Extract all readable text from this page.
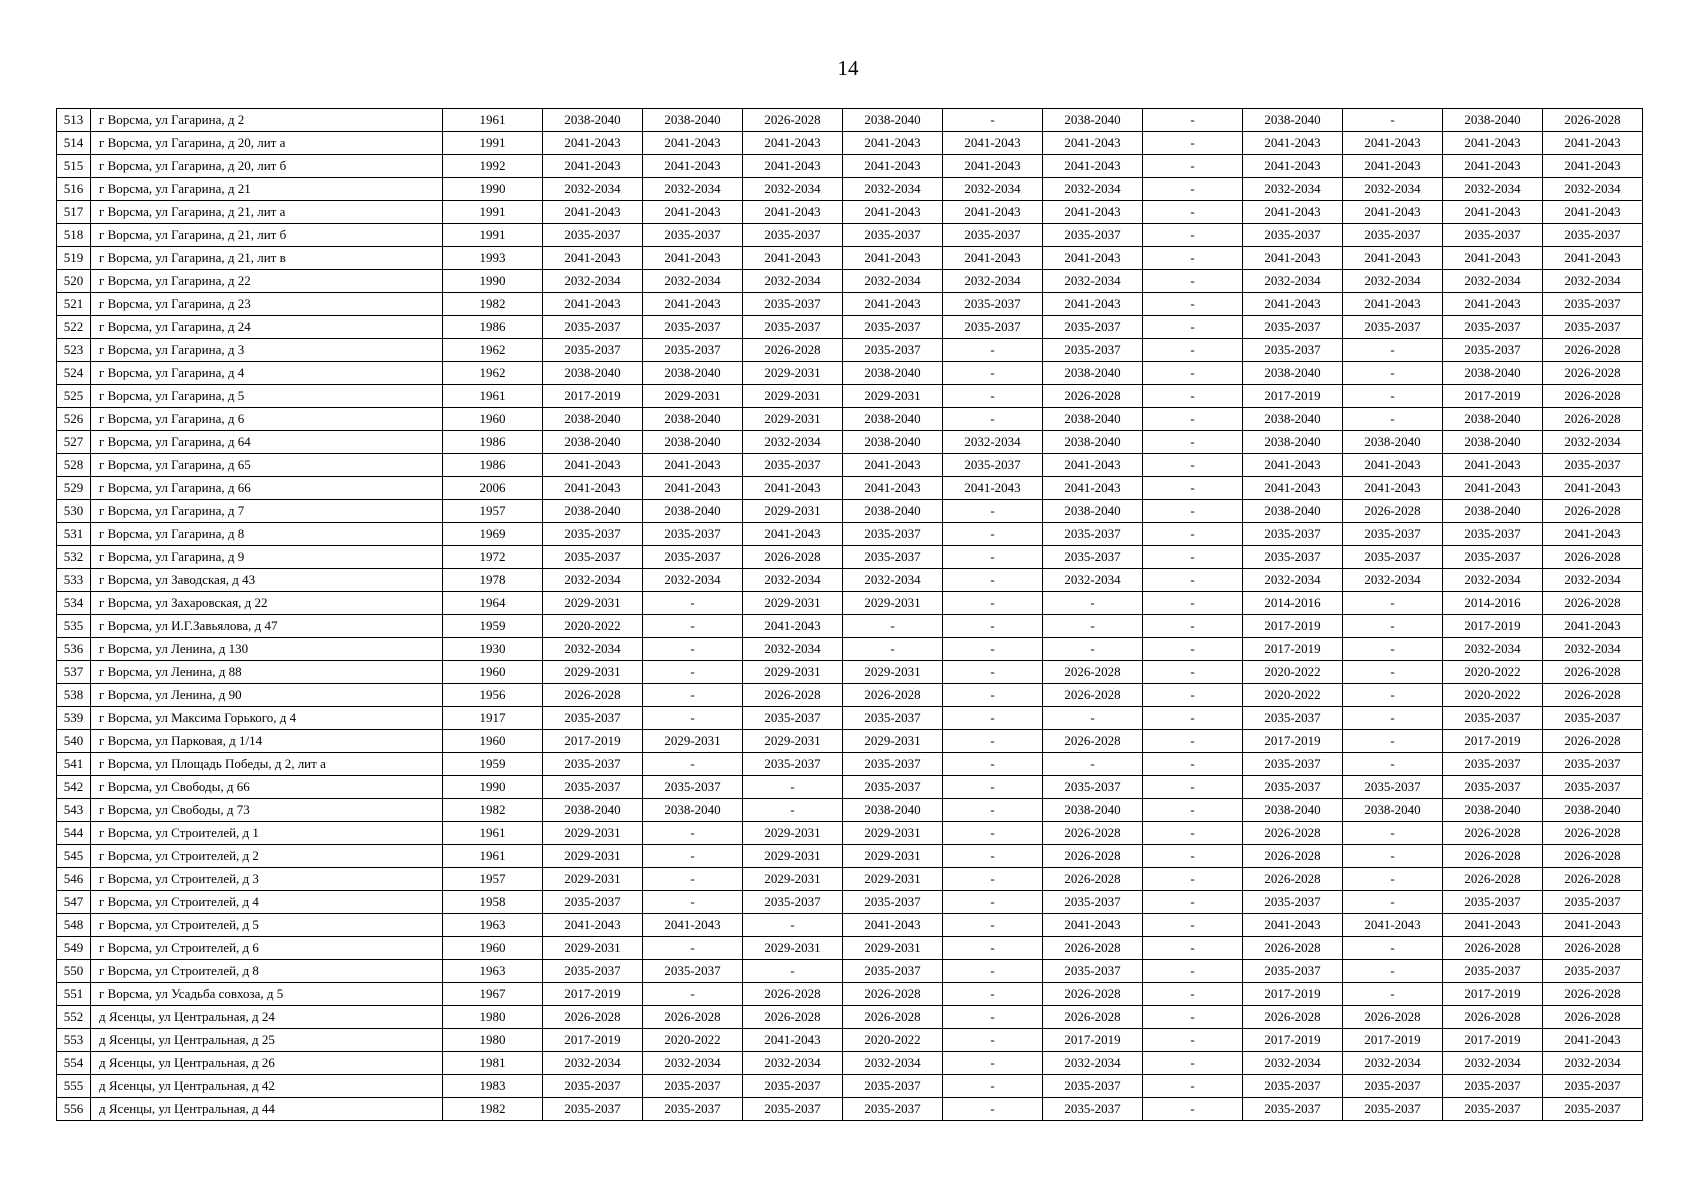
14
513	г Ворсма, ул Гагарина, д 2	1961	2038-2040	2038-2040	2026-2028	2038-2040	-	2038-2040	-	2038-2040	-	2038-2040	2026-2028
514	г Ворсма, ул Гагарина, д 20, лит а	1991	2041-2043	2041-2043	2041-2043	2041-2043	2041-2043	2041-2043	-	2041-2043	2041-2043	2041-2043	2041-2043
515	г Ворсма, ул Гагарина, д 20, лит б	1992	2041-2043	2041-2043	2041-2043	2041-2043	2041-2043	2041-2043	-	2041-2043	2041-2043	2041-2043	2041-2043
516	г Ворсма, ул Гагарина, д 21	1990	2032-2034	2032-2034	2032-2034	2032-2034	2032-2034	2032-2034	-	2032-2034	2032-2034	2032-2034	2032-2034
517	г Ворсма, ул Гагарина, д 21, лит а	1991	2041-2043	2041-2043	2041-2043	2041-2043	2041-2043	2041-2043	-	2041-2043	2041-2043	2041-2043	2041-2043
518	г Ворсма, ул Гагарина, д 21, лит б	1991	2035-2037	2035-2037	2035-2037	2035-2037	2035-2037	2035-2037	-	2035-2037	2035-2037	2035-2037	2035-2037
519	г Ворсма, ул Гагарина, д 21, лит в	1993	2041-2043	2041-2043	2041-2043	2041-2043	2041-2043	2041-2043	-	2041-2043	2041-2043	2041-2043	2041-2043
520	г Ворсма, ул Гагарина, д 22	1990	2032-2034	2032-2034	2032-2034	2032-2034	2032-2034	2032-2034	-	2032-2034	2032-2034	2032-2034	2032-2034
521	г Ворсма, ул Гагарина, д 23	1982	2041-2043	2041-2043	2035-2037	2041-2043	2035-2037	2041-2043	-	2041-2043	2041-2043	2041-2043	2035-2037
522	г Ворсма, ул Гагарина, д 24	1986	2035-2037	2035-2037	2035-2037	2035-2037	2035-2037	2035-2037	-	2035-2037	2035-2037	2035-2037	2035-2037
523	г Ворсма, ул Гагарина, д 3	1962	2035-2037	2035-2037	2026-2028	2035-2037	-	2035-2037	-	2035-2037	-	2035-2037	2026-2028
524	г Ворсма, ул Гагарина, д 4	1962	2038-2040	2038-2040	2029-2031	2038-2040	-	2038-2040	-	2038-2040	-	2038-2040	2026-2028
525	г Ворсма, ул Гагарина, д 5	1961	2017-2019	2029-2031	2029-2031	2029-2031	-	2026-2028	-	2017-2019	-	2017-2019	2026-2028
526	г Ворсма, ул Гагарина, д 6	1960	2038-2040	2038-2040	2029-2031	2038-2040	-	2038-2040	-	2038-2040	-	2038-2040	2026-2028
527	г Ворсма, ул Гагарина, д 64	1986	2038-2040	2038-2040	2032-2034	2038-2040	2032-2034	2038-2040	-	2038-2040	2038-2040	2038-2040	2032-2034
528	г Ворсма, ул Гагарина, д 65	1986	2041-2043	2041-2043	2035-2037	2041-2043	2035-2037	2041-2043	-	2041-2043	2041-2043	2041-2043	2035-2037
529	г Ворсма, ул Гагарина, д 66	2006	2041-2043	2041-2043	2041-2043	2041-2043	2041-2043	2041-2043	-	2041-2043	2041-2043	2041-2043	2041-2043
530	г Ворсма, ул Гагарина, д 7	1957	2038-2040	2038-2040	2029-2031	2038-2040	-	2038-2040	-	2038-2040	2026-2028	2038-2040	2026-2028
531	г Ворсма, ул Гагарина, д 8	1969	2035-2037	2035-2037	2041-2043	2035-2037	-	2035-2037	-	2035-2037	2035-2037	2035-2037	2041-2043
532	г Ворсма, ул Гагарина, д 9	1972	2035-2037	2035-2037	2026-2028	2035-2037	-	2035-2037	-	2035-2037	2035-2037	2035-2037	2026-2028
533	г Ворсма, ул Заводская, д 43	1978	2032-2034	2032-2034	2032-2034	2032-2034	-	2032-2034	-	2032-2034	2032-2034	2032-2034	2032-2034
534	г Ворсма, ул Захаровская, д 22	1964	2029-2031	-	2029-2031	2029-2031	-	-	-	2014-2016	-	2014-2016	2026-2028
535	г Ворсма, ул И.Г.Завьялова, д 47	1959	2020-2022	-	2041-2043	-	-	-	-	2017-2019	-	2017-2019	2041-2043
536	г Ворсма, ул Ленина, д 130	1930	2032-2034	-	2032-2034	-	-	-	-	2017-2019	-	2032-2034	2032-2034
537	г Ворсма, ул Ленина, д 88	1960	2029-2031	-	2029-2031	2029-2031	-	2026-2028	-	2020-2022	-	2020-2022	2026-2028
538	г Ворсма, ул Ленина, д 90	1956	2026-2028	-	2026-2028	2026-2028	-	2026-2028	-	2020-2022	-	2020-2022	2026-2028
539	г Ворсма, ул Максима Горького, д 4	1917	2035-2037	-	2035-2037	2035-2037	-	-	-	2035-2037	-	2035-2037	2035-2037
540	г Ворсма, ул Парковая, д 1/14	1960	2017-2019	2029-2031	2029-2031	2029-2031	-	2026-2028	-	2017-2019	-	2017-2019	2026-2028
541	г Ворсма, ул Площадь Победы, д 2, лит а	1959	2035-2037	-	2035-2037	2035-2037	-	-	-	2035-2037	-	2035-2037	2035-2037
542	г Ворсма, ул Свободы, д 66	1990	2035-2037	2035-2037	-	2035-2037	-	2035-2037	-	2035-2037	2035-2037	2035-2037	2035-2037
543	г Ворсма, ул Свободы, д 73	1982	2038-2040	2038-2040	-	2038-2040	-	2038-2040	-	2038-2040	2038-2040	2038-2040	2038-2040
544	г Ворсма, ул Строителей, д 1	1961	2029-2031	-	2029-2031	2029-2031	-	2026-2028	-	2026-2028	-	2026-2028	2026-2028
545	г Ворсма, ул Строителей, д 2	1961	2029-2031	-	2029-2031	2029-2031	-	2026-2028	-	2026-2028	-	2026-2028	2026-2028
546	г Ворсма, ул Строителей, д 3	1957	2029-2031	-	2029-2031	2029-2031	-	2026-2028	-	2026-2028	-	2026-2028	2026-2028
547	г Ворсма, ул Строителей, д 4	1958	2035-2037	-	2035-2037	2035-2037	-	2035-2037	-	2035-2037	-	2035-2037	2035-2037
548	г Ворсма, ул Строителей, д 5	1963	2041-2043	2041-2043	-	2041-2043	-	2041-2043	-	2041-2043	2041-2043	2041-2043	2041-2043
549	г Ворсма, ул Строителей, д 6	1960	2029-2031	-	2029-2031	2029-2031	-	2026-2028	-	2026-2028	-	2026-2028	2026-2028
550	г Ворсма, ул Строителей, д 8	1963	2035-2037	2035-2037	-	2035-2037	-	2035-2037	-	2035-2037	-	2035-2037	2035-2037
551	г Ворсма, ул Усадьба совхоза, д 5	1967	2017-2019	-	2026-2028	2026-2028	-	2026-2028	-	2017-2019	-	2017-2019	2026-2028
552	д Ясенцы, ул Центральная, д 24	1980	2026-2028	2026-2028	2026-2028	2026-2028	-	2026-2028	-	2026-2028	2026-2028	2026-2028	2026-2028
553	д Ясенцы, ул Центральная, д 25	1980	2017-2019	2020-2022	2041-2043	2020-2022	-	2017-2019	-	2017-2019	2017-2019	2017-2019	2041-2043
554	д Ясенцы, ул Центральная, д 26	1981	2032-2034	2032-2034	2032-2034	2032-2034	-	2032-2034	-	2032-2034	2032-2034	2032-2034	2032-2034
555	д Ясенцы, ул Центральная, д 42	1983	2035-2037	2035-2037	2035-2037	2035-2037	-	2035-2037	-	2035-2037	2035-2037	2035-2037	2035-2037
556	д Ясенцы, ул Центральная, д 44	1982	2035-2037	2035-2037	2035-2037	2035-2037	-	2035-2037	-	2035-2037	2035-2037	2035-2037	2035-2037
